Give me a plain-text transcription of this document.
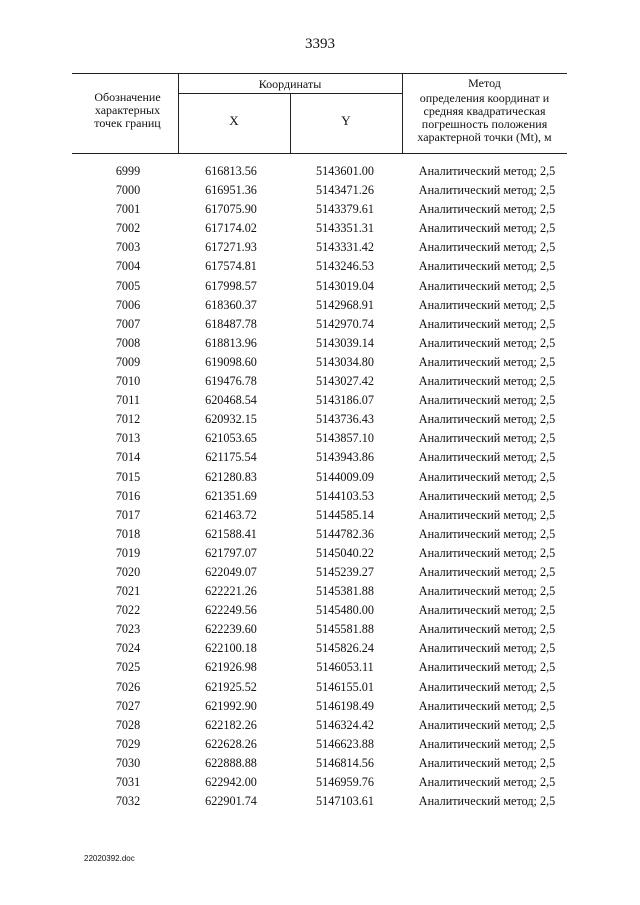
3393
Обозначение характерных точек границ
Координаты
X	Y
Метод
определения координат и средняя квадратическая погрешность положения характерной точки (Мt), м
6999	616813.56	5143601.00	Аналитический метод; 2,5
7000	616951.36	5143471.26	Аналитический метод; 2,5
7001	617075.90	5143379.61	Аналитический метод; 2,5
7002	617174.02	5143351.31	Аналитический метод; 2,5
7003	617271.93	5143331.42	Аналитический метод; 2,5
7004	617574.81	5143246.53	Аналитический метод; 2,5
7005	617998.57	5143019.04	Аналитический метод; 2,5
7006	618360.37	5142968.91	Аналитический метод; 2,5
7007	618487.78	5142970.74	Аналитический метод; 2,5
7008	618813.96	5143039.14	Аналитический метод; 2,5
7009	619098.60	5143034.80	Аналитический метод; 2,5
7010	619476.78	5143027.42	Аналитический метод; 2,5
7011	620468.54	5143186.07	Аналитический метод; 2,5
7012	620932.15	5143736.43	Аналитический метод; 2,5
7013	621053.65	5143857.10	Аналитический метод; 2,5
7014	621175.54	5143943.86	Аналитический метод; 2,5
7015	621280.83	5144009.09	Аналитический метод; 2,5
7016	621351.69	5144103.53	Аналитический метод; 2,5
7017	621463.72	5144585.14	Аналитический метод; 2,5
7018	621588.41	5144782.36	Аналитический метод; 2,5
7019	621797.07	5145040.22	Аналитический метод; 2,5
7020	622049.07	5145239.27	Аналитический метод; 2,5
7021	622221.26	5145381.88	Аналитический метод; 2,5
7022	622249.56	5145480.00	Аналитический метод; 2,5
7023	622239.60	5145581.88	Аналитический метод; 2,5
7024	622100.18	5145826.24	Аналитический метод; 2,5
7025	621926.98	5146053.11	Аналитический метод; 2,5
7026	621925.52	5146155.01	Аналитический метод; 2,5
7027	621992.90	5146198.49	Аналитический метод; 2,5
7028	622182.26	5146324.42	Аналитический метод; 2,5
7029	622628.26	5146623.88	Аналитический метод; 2,5
7030	622888.88	5146814.56	Аналитический метод; 2,5
7031	622942.00	5146959.76	Аналитический метод; 2,5
7032	622901.74	5147103.61	Аналитический метод; 2,5
22020392.doc
